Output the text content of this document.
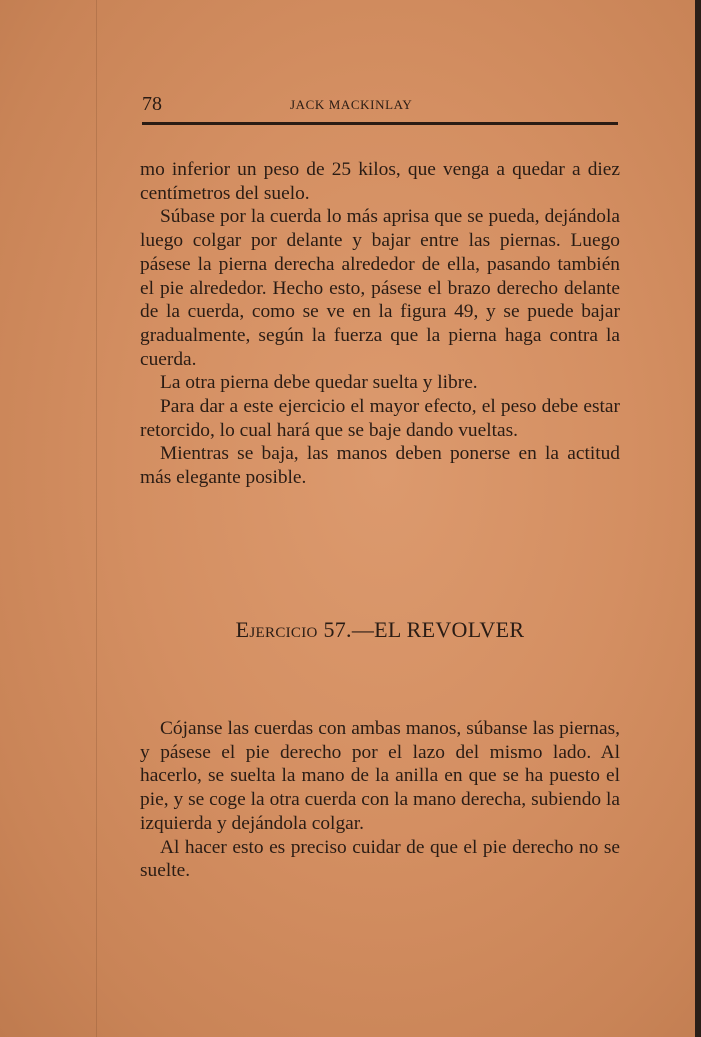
78	JACK MACKINLAY

mo inferior un peso de 25 kilos, que venga a quedar a diez centímetros del suelo.

Súbase por la cuerda lo más aprisa que se pueda, dejándola luego colgar por delante y bajar entre las piernas. Luego pásese la pierna derecha alrededor de ella, pasando también el pie alrededor. Hecho esto, pásese el brazo derecho delante de la cuerda, como se ve en la figura 49, y se puede bajar gradualmente, según la fuerza que la pierna haga contra la cuerda.

La otra pierna debe quedar suelta y libre.

Para dar a este ejercicio el mayor efecto, el peso debe estar retorcido, lo cual hará que se baje dando vueltas.

Mientras se baja, las manos deben ponerse en la actitud más elegante posible.

Ejercicio 57.—EL REVOLVER

Cójanse las cuerdas con ambas manos, súbanse las piernas, y pásese el pie derecho por el lazo del mismo lado. Al hacerlo, se suelta la mano de la anilla en que se ha puesto el pie, y se coge la otra cuerda con la mano derecha, subiendo la izquierda y dejándola colgar.

Al hacer esto es preciso cuidar de que el pie derecho no se suelte.
